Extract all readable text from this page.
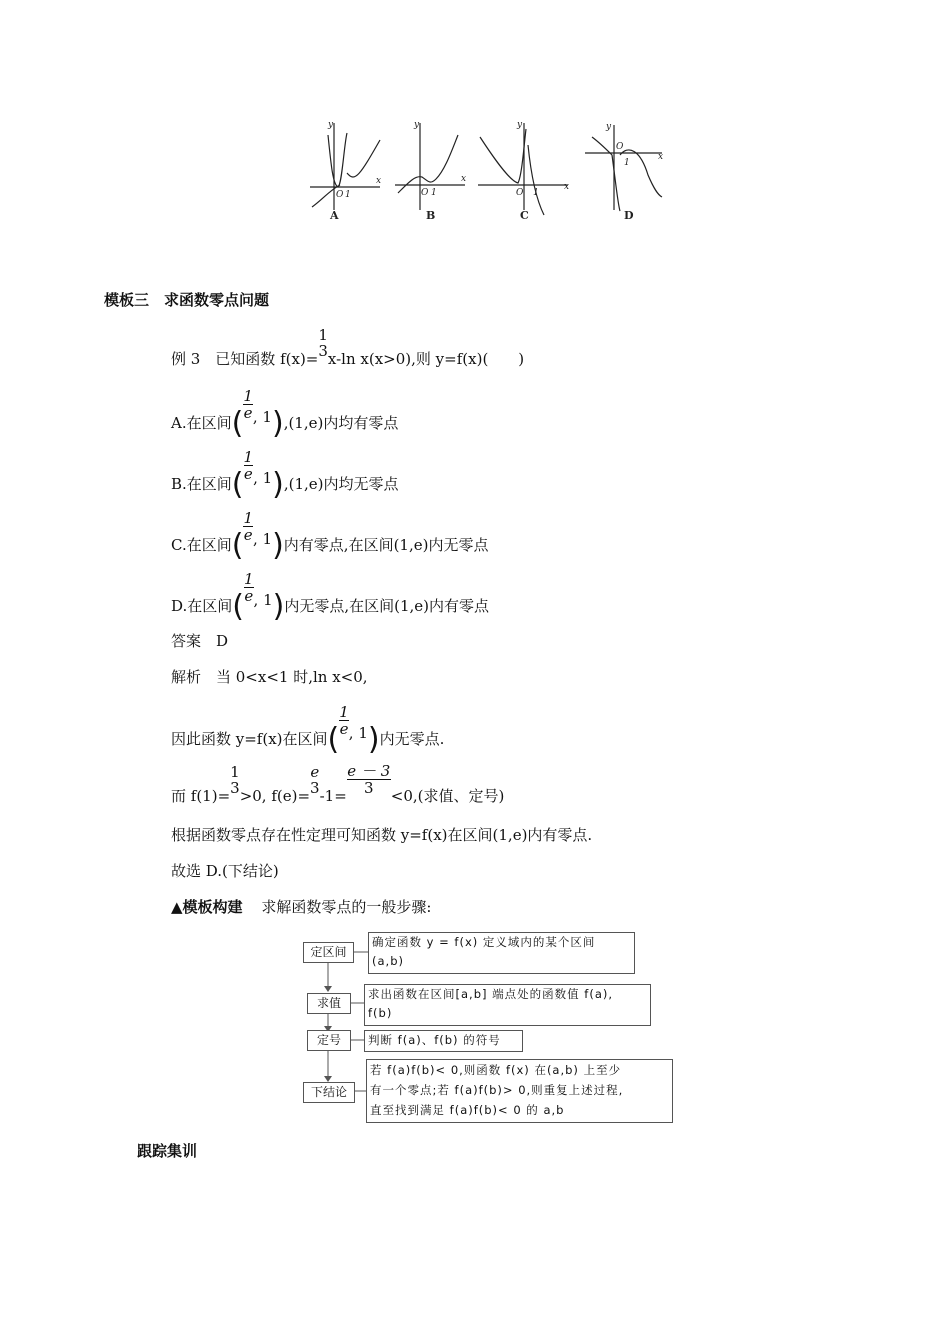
y
x
O 1
y
x
O 1
y
x
O 1
y
x
O
1
A	B	C	D
模板三　求函数零点问题
例 3　已知函数 f(x)=
1
3 x-ln x(x>0),则 y=f(x)(　　)
A.在区间(
$\frac{1}{e}$ , 1),(1,e)内均有零点
B.在区间(
$\frac{1}{e}$ , 1),(1,e)内均无零点
C.在区间(
$\frac{1}{e}$ , 1)内有零点,在区间(1,e)内无零点
D.在区间(
$\frac{1}{e}$ , 1)内无零点,在区间(1,e)内有零点
答案　D
解析　当 0<x<1 时,ln x<0,
因此函数 y=f(x)在区间(
$\frac{1}{e}$ , 1)内无零点.
而 f(1)=
1
3 >0, f(e)=
e
3 $-1= \frac{e - 3}{3} <0$,(求值、定号)
根据函数零点存在性定理可知函数 y=f(x)在区间(1,e)内有零点.
故选 D.(下结论)
▲模板构建 求解函数零点的一般步骤:
定区间
确定函数 y = f(x) 定义域内的某个区间
(a,b)
求值
求出函数在区间[a,b] 端点处的函数值 f(a),
f(b)
定号	判断 f(a)、f(b) 的符号
下结论
若 f(a)f(b)< 0,则函数 f(x) 在(a,b) 上至少
有一个零点;若 f(a)f(b)> 0,则重复上述过程,
直至找到满足 f(a)f(b)< 0 的 a,b
跟踪集训
